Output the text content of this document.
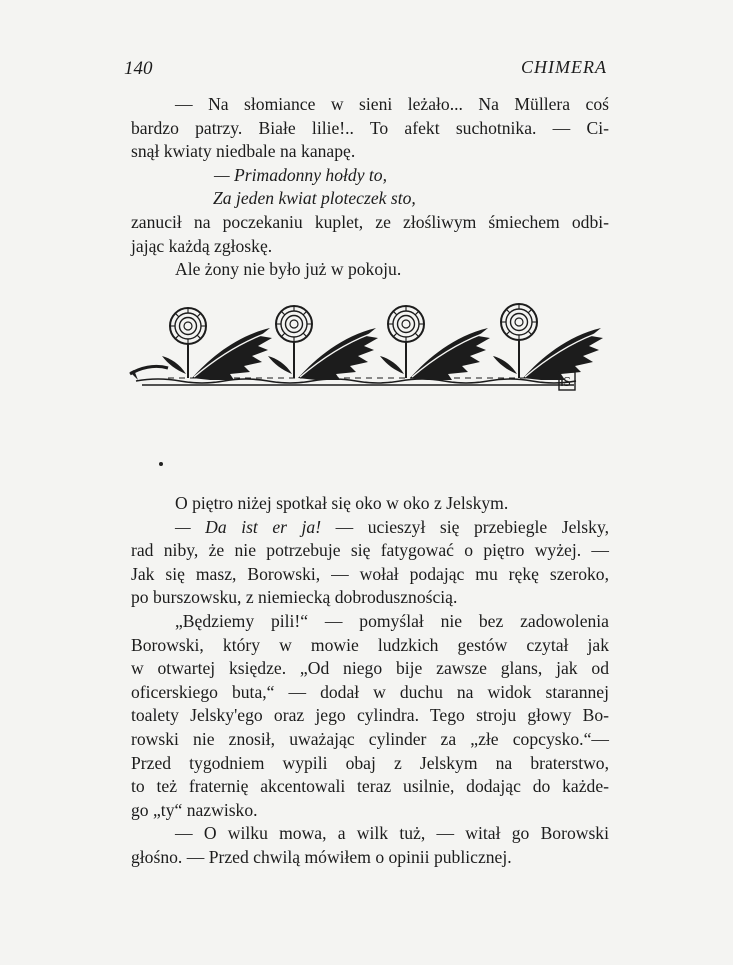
140	CHIMERA

— Na słomiance w sieni leżało... Na Müllera coś

bardzo patrzy. Białe lilie!.. To afekt suchotnika. — Ci-

snął kwiaty niedbale na kanapę.

— Primadonny hołdy to,

Za jeden kwiat ploteczek sto,

zanucił na poczekaniu kuplet, ze złośliwym śmiechem odbi-

jając każdą zgłoskę.

Ale żony nie było już w pokoju.

S

O piętro niżej spotkał się oko w oko z Jelskym.

— Da ist er ja! — ucieszył się przebiegle Jelsky,

rad niby, że nie potrzebuje się fatygować o piętro wyżej. —

Jak się masz, Borowski, — wołał podając mu rękę szeroko,

po burszowsku, z niemiecką dobrodusznością.

„Będziemy pili!“ — pomyślał nie bez zadowolenia

Borowski, który w mowie ludzkich gestów czytał jak

w otwartej księdze. „Od niego bije zawsze glans, jak od

oficerskiego buta,“ — dodał w duchu na widok starannej

toalety Jelsky'ego oraz jego cylindra. Tego stroju głowy Bo-

rowski nie znosił, uważając cylinder za „złe copcysko.“—

Przed tygodniem wypili obaj z Jelskym na braterstwo,

to też fraternię akcentowali teraz usilnie, dodając do każde-

go „ty“ nazwisko.

— O wilku mowa, a wilk tuż, — witał go Borowski

głośno. — Przed chwilą mówiłem o opinii publicznej.
